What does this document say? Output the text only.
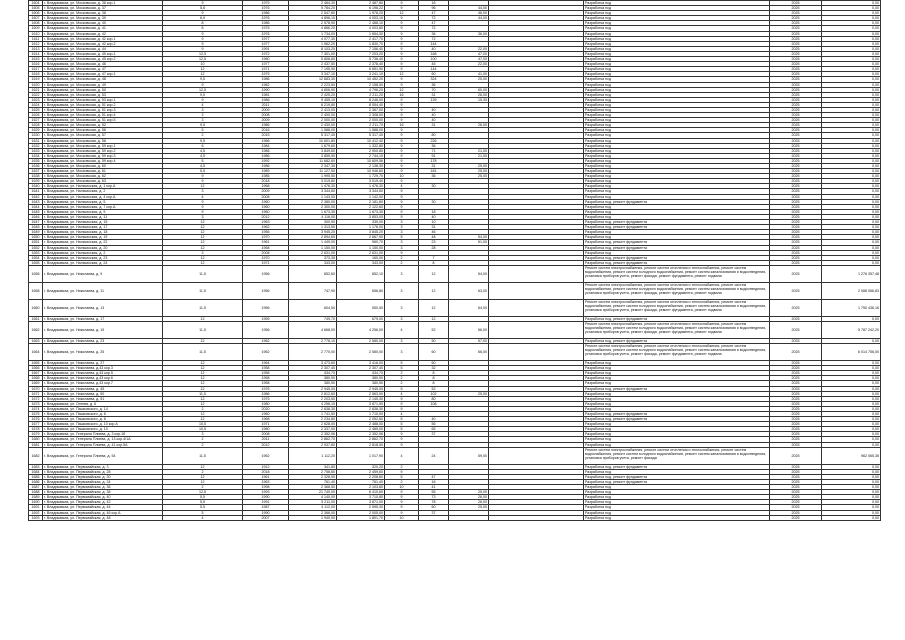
1604	г. Владикавказ, ул. Московская, д. 38 кор.1	9	1975	2 464,30	2 487,80	9	16			Разработка псд	2025	0,00
1605	г. Владикавказ, ул. Московская, д. 37	5,6	1976	5 784,20	6 198,22	9	96	44,00		Разработка псд	2025	0,00
1606	г. Владикавказ, ул. Московская, д. 38	9	1986	2 547,80	1 978,20	12	47	46,00		Разработка псд	2025	0,00
1607	г. Владикавказ, ул. Московская, д. 39	6,9	1976	4 896,10	4 003,10	9	72	44,00		Разработка псд	2025	0,00
1608	г. Владикавказ, ул. Московская, д. 40	8	1986	2 578,90	2 488,10	9	47			Разработка псд	2025	0,00
1609	г. Владикавказ, ул. Московская, д. 41	8	1975	4 866,20	4 003,80	9	72			Разработка псд	2025	0,00
1610	г. Владикавказ, ул. Московская, д. 42	9	1976	1 734,00	1 654,30	9	36	36,00		Разработка псд	2025	0,00
1611	г. Владикавказ, ул. Московская, д. 42 кор.1	9	1977	4 077,30	2 417,70	9	72			Разработка псд	2025	0,00
1612	г. Владикавказ, ул. Московская, д. 42 кор.2	9	1977	1 962,20	1 830,70	9	144			Разработка псд	2025	0,00
1613	г. Владикавказ, ул. Московская, д. 44	9	1991	8 103,20	7 156,40	9	40	22,00		Разработка псд	2025	0,00
1614	г. Владикавказ, ул. Московская, д. 45 кор.1	12,5	1972	7 301,00	7 203,20	9	168	47,00		Разработка псд	2025	0,00
1615	г. Владикавказ, ул. Московская, д. 45 кор.2	12,5	1980	5 806,80	5 736,40	9	100	47,00		Разработка псд	2025	0,00
1616	г. Владикавказ, ул. Московская, д. 46	10	1977	2 437,50	2 378,40	9	45	22,00		Разработка псд	2025	0,00
1617	г. Владикавказ, ул. Московская, д. 47	12	1971	7 195,90	6 651,90	9	144			Разработка псд	2025	0,00
1618	г. Владикавказ, ул. Московская, д. 47 кор.1	12	1975	3 347,10	3 241,10	12	60	41,00		Разработка псд	2025	0,00
1619	г. Владикавказ, ул. Московская, д. 48	9,5	1986	12 883,30	10 452,20	9	324	25,00		Разработка псд	2025	0,00
1620	г. Владикавказ, ул. Московская, д. 49	9	1982	2 223,50	2 158,50	9	36			Разработка псд	2025	0,00
1621	г. Владикавказ, ул. Московская, д. 50	12,5	1990	4 806,90	4 796,20	12	70	60,00		Разработка псд	2025	0,00
1622	г. Владикавказ, ул. Московская, д. 53	9,5	1981	2 425,20	2 211,20	16	31	26,00		Разработка псд	2025	0,00
1623	г. Владикавказ, ул. Московская, д. 53 кор.1	9	1986	9 455,10	8 246,00	9	139	15,30		Разработка псд	2025	0,00
1624	г. Владикавказ, ул. Московская, д. 51 кор.2	4	2011	8 219,80	8 054,40	9				Разработка псд	2025	0,00
1625	г. Владикавказ, ул. Московская, д. 51 кор.3	3	2009	2 413,00	2 367,00	9	40			Разработка псд	2025	0,00
1626	г. Владикавказ, ул. Московская, д. 51 кор.4	3	2008	2 400,00	2 308,00	9	40			Разработка псд	2025	0,00
1627	г. Владикавказ, ул. Московская, д. 51 кор.5	3	2009	2 000,00	2 000,00	9	40			Разработка псд	2025	0,00
1628	г. Владикавказ, ул. Московская, д. 52	9,5	1986	2 430,00	2 211,70	16	31	26,00		Разработка псд	2025	0,00
1629	г. Владикавказ, ул. Московская, д. 56	5	2016	1 588,00	1 588,00	9				Разработка псд	2025	0,00
1630	г. Владикавказ, ул. Московская, д. 57	2	2015	5 317,40	5 317,40	9	80			Разработка псд	2025	0,00
1631	г. Владикавказ, ул. Московская, д. 58	9,5	1986	10 601,80	10 412,40	9	226			Разработка псд	2025	0,00
1632	г. Владикавказ, ул. Московская, д. 59 кор.1	6	1984	1 679,60	1 332,80	9	36			Разработка псд	2025	0,00
1633	г. Владикавказ, ул. Московская, д. 59 кор.2	4,5	1986	3 849,60	2 900,80	9	71	21,00		Разработка псд	2025	0,00
1634	г. Владикавказ, ул. Московская, д. 59 кор.3	4,5	1986	3 855,90	2 744,10	9	91	21,00		Разработка псд	2025	0,00
1635	г. Владикавказ, ул. Московская, д. 59 кор.4	5	1992	11 682,60	10 609,56	9	178			Разработка псд	2025	0,00
1636	г. Владикавказ, ул. Московская, д. 60	4,5	1986	2 347,30	2 138,30	9	31	25,00		Разработка псд	2025	0,00
1637	г. Владикавказ, ул. Московская, д. 61	5,5	1989	11 127,50	10 946,60	9	181	25,00		Разработка псд	2025	0,00
1638	г. Владикавказ, ул. Московская, д. 62	9	1985	1 995,50	1 729,70	10	36	25,00		Разработка псд	2025	0,00
1639	г. Владикавказ, ул. Московская, д. 63	9	2018	3 019,80	3 019,40	9				Разработка псд	2025	0,00
1640	г. Владикавказ, ул. Нальчикская, д. 1 кор.А	12	1968	1 476,30	1 476,30	4	30			Разработка псд	2025	0,00
1641	г. Владикавказ, ул. Нальчикская, д. 2	3	2009	3 344,60	3 344,60	9				Разработка псд	2025	0,00
1642	г. Владикавказ, ул. Нальчикская, д. 4 кор.А	4	2008	1 143,00	1 142,00	9				Разработка псд	2025	0,00
1643	г. Владикавказ, ул. Нальчикская, д. 5	9	1960	2 380,00	2 181,80	9	30			Разработка псд, ремонт фундамента	2025	0,00
1644	г. Владикавказ, ул. Нальчикская, д. 7 кор.А	9	1960	2 300,00	2 122,60	9				Разработка псд	2025	0,00
1645	г. Владикавказ, ул. Нальчикская, д. 9	9	1960	1 673,30	1 673,30	9	18			Разработка псд	2025	0,00
1646	г. Владикавказ, ул. Нальчикская, д. 11	3	2012	4 116,00	3 853,00	9	40			Разработка псд	2025	0,00
1647	г. Владикавказ, ул. Нальчикская, д. 15	12	1963	300,90	339,00	3	10			Разработка псд, ремонт фундамента	2025	0,00
1648	г. Владикавказ, ул. Нальчикская, д. 17	12	1962	1 313,50	1 176,00	3	31			Разработка псд, ремонт фундамента	2025	0,00
1649	г. Владикавказ, ул. Нальчикская, д. 18	12	1956	3 945,20	3 845,20	3	46			Разработка псд	2025	0,00
1650	г. Владикавказ, ул. Нальчикская, д. 19	12	1970	2 894,60	2 667,90	5	48	54,00		Разработка псд	2025	0,00
1651	г. Владикавказ, ул. Нальчикская, д. 22	12	1961	1 449,00	960,70	3	23	61,00		Разработка псд, ремонт фундамента	2025	0,00
1652	г. Владикавказ, ул. Нальчикская, д. 20	12	1958	1 150,00	1 150,00	3	28			Разработка псд, ремонт фундамента	2025	0,00
1653	г. Владикавказ, ул. Нальчикская, д. 2	3	2008	2 631,00	2 631,00	9				Разработка псд	2025	0,00
1654	г. Владикавказ, ул. Нальчикская, д. 23	12	1970	373,30	160,00	2	7			Разработка псд, ремонт фундамента	2025	0,00
1655	г. Владикавказ, ул. Нальчикская, д. 24	12	1971	343,00	343,00	2	8			Разработка псд, ремонт фундамента	2025	0,00
1656	г. Владикавказ, ул. Николаева, д. 9	11,5	1956	852,60	852,10	3	12	64,00		Ремонт систем электроснабжения, ремонт систем отопления и теплоснабжения, ремонт систем водоснабжения, ремонт систем холодного водоснабжения, ремонт систем канализования и водоотведения, установка приборов учета, ремонт фасада, ремонт фундамента, ремонт подвала	2025	1 276 357,48
1658	г. Владикавказ, ул. Николаева, д. 11	11,5	1956	747,90	656,80	3	12	63,00		Ремонт систем электроснабжения, ремонт систем отопления и теплоснабжения, ремонт систем водоснабжения, ремонт систем холодного водоснабжения, ремонт систем канализования и водоотведения, установка приборов учета, ремонт фасада, ремонт фундамента, ремонт подвала	2025	2 088 066,83
1660	г. Владикавказ, ул. Николаева, д. 13	11,5	1956	604,50	550,50	3	12	64,00		Ремонт систем электроснабжения, ремонт систем отопления и теплоснабжения, ремонт систем водоснабжения, ремонт систем холодного водоснабжения, ремонт систем канализования и водоотведения, установка приборов учета, ремонт фасада, ремонт фундамента, ремонт подвала	2025	1 750 436,16
1661	г. Владикавказ, ул. Николаева, д. 17	12	1959	749,70	679,00	3	12			Разработка псд, ремонт фундамента	2025	0,00
1662	г. Владикавказ, ул. Николаева, д. 19	11,5	1956	4 668,00	4 256,00	4	52	66,00		Ремонт систем электроснабжения, ремонт систем отопления и теплоснабжения, ремонт систем водоснабжения, ремонт систем холодного водоснабжения, ремонт систем канализования и водоотведения, установка приборов учета, ремонт фасада, ремонт фундамента, ремонт подвала	2025	5 787 242,20
1663	г. Владикавказ, ул. Николаева, д. 23	12	1962	2 778,10	2 580,00	3	50	57,00		Разработка псд, ремонт фундамента	2025	0,00
1664	г. Владикавказ, ул. Николаева, д. 25	11,5	1962	2 770,00	2 580,00	3	60	66,00		Ремонт систем электроснабжения, ремонт систем отопления и теплоснабжения, ремонт систем водоснабжения, ремонт систем холодного водоснабжения, ремонт систем канализования и водоотведения, установка приборов учета, ремонт фасада, ремонт фундамента, ремонт подвала	2025	6 014 756,00
1665	г. Владикавказ, ул. Николаева, д. 27	12	1964	3 473,60	3 416,00	5	60			Разработка псд	2025	0,00
1666	г. Владикавказ, ул. Николаева, д.43 кор.3	12	1958	2 307,40	2 307,40	5	32			Разработка псд	2025	0,00
1667	г. Владикавказ, ул. Николаева, д.43 кор.5	12	1958	434,70	434,70	2	8			Разработка псд	2025	0,00
1668	г. Владикавказ, ул. Николаева, д.43 кор.6	12	1958	380,90	380,90	2	8			Разработка псд	2025	0,00
1669	г. Владикавказ, ул. Николаева, д.43 кор.7	12	1958	380,50	380,50	2	8			Разработка псд	2025	0,00
1670	г. Владикавказ, ул. Николаева, д. 45	12	1976	2 945,00	2 945,00	5	52			Разработка псд, ремонт фундамента	2025	0,00
1671	г. Владикавказ, ул. Николаева, д. 50	11,5	1986	2 812,60	2 563,00	4	102	25,00		Разработка псд	2025	0,00
1672	г. Владикавказ, ул. Николаева, д. 51	12	1975	2 203,50	2 145,30	9	80			Разработка псд	2025	0,00
1673	г. Владикавказ, ул. Огнева, д. 6	12	1980	4 256,10	3 871,90	9	108			Разработка псд	2025	0,00
1674	г. Владикавказ, ул. Пашковского, д. 14	2	2020	2 838,30	2 838,30	9				Разработка псд	2025	0,00
1675	г. Владикавказ, ул. Пашковского, д. 6	12	1960	1 741,50	1 710,00	4				Разработка псд, ремонт фундамента	2025	0,00
1676	г. Владикавказ, ул. Пашковского, д. 8	12	1968	2 234,80	2 052,60	5	40			Разработка псд, ремонт фундамента	2025	0,00
1677	г. Владикавказ, ул. Пашковского, д. 10 кор.А	10,5	1971	2 628,00	2 488,00	5	56			Разработка псд	2025	0,00
1678	г. Владикавказ, ул. Пашковского, д. 10	10,5	1980	2 337,00	2 485,00	5	65			Разработка псд	2025	0,00
1679	г. Владикавказ, ул. Генерала Плиева, д. 3 кор.1б	3	2008	2 352,96	2 352,96	9	37			Разработка псд	2025	0,00
1680	г. Владикавказ, ул. Генерала Плиева, д. 13 кор.4/1А	2	2011	2 862,70	2 862,70	9				Разработка псд	2025	0,00
1681	г. Владикавказ, ул. Генерала Плиева, д. 41 кор.5А	2	2012	2 937,80	2 818,50	9				Разработка псд	2025	0,00
1682	г. Владикавказ, ул. Генерала Плиева, д. 54	11,5	1962	1 112,20	1 017,90	4	24	59,00		Ремонт систем электроснабжения, ремонт систем отопления и теплоснабжения, ремонт систем водоснабжения, ремонт систем холодного водоснабжения, ремонт систем канализования и водоотведения, установка приборов учета, ремонт фасада	2025	962 065,36
1683	г. Владикавказ, ул. Первомайская, д. 3	12	1912	341,80	320,20	2				Разработка псд, ремонт фундамента	2025	0,00
1684	г. Владикавказ, ул. Первомайская, д. 28	2	2018	2 758,60	2 459,60	9				Разработка псд	2025	0,00
1685	г. Владикавказ, ул. Первомайская, д. 30	12	1961	2 328,90	2 208,80	5	47			Разработка псд, ремонт фундамента	2025	0,00
1686	г. Владикавказ, ул. Первомайская, д. 34	12	1963	761,40	761,40	2	16			Разработка псд, ремонт фундамента	2025	0,00
1687	г. Владикавказ, ул. Первомайская, д. 36	2	1998	2 368,50	2 103,80	10	41			Разработка псд	2025	0,00
1688	г. Владикавказ, ул. Первомайская, д. 38	12,5	1993	21 740,00	6 410,60	9	55	25,00		Разработка псд	2025	0,00
1689	г. Владикавказ, ул. Первомайская, д. 40	5,5	1990	4 140,00	3 710,80	9	73	26,00		Разработка псд	2025	0,00
1690	г. Владикавказ, ул. Первомайская, д. 42	5,5	1991	5 211,00	3 871,00	9	78	26,00		Разработка псд	2025	0,00
1691	г. Владикавказ, ул. Первомайская, д. 44	5,5	1987	4 112,00	2 595,30	9	60	25,00		Разработка псд	2025	0,00
1692	г. Владикавказ, ул. Первомайская, д. 46 кор.А	5	1990	2 366,00	2 005,00	9	37			Разработка псд	2025	0,00
1693	г. Владикавказ, ул. Первомайская, д. 48	4	2007	1 940,00	1 801,70	10				Разработка псд	2025	0,00
